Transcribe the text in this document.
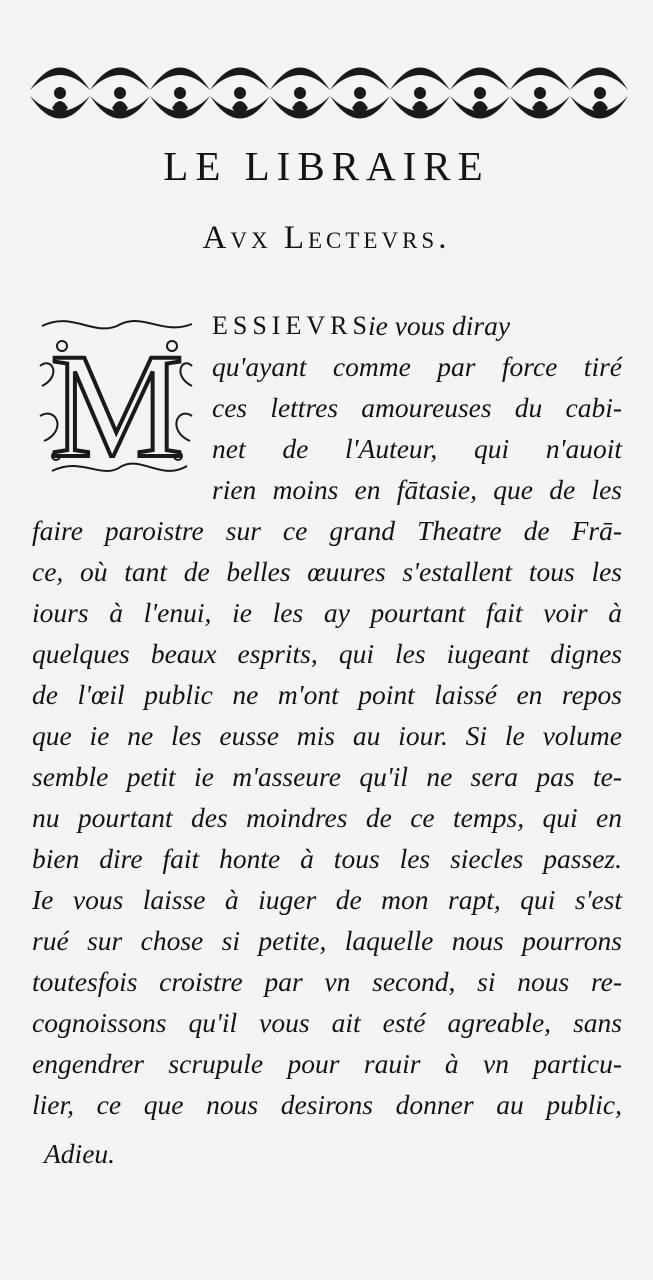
LE LIBRAIRE
Avx Lectevrs.
M ESSIEVRS
ie vous diray
qu'ayant comme par force tiré
ces lettres amoureuses du cabi-
net de l'Auteur, qui n'auoit
rien moins en fātasie, que de les
faire paroistre sur ce grand Theatre de Frā-
ce, où tant de belles œuures s'estallent tous les
iours à l'enui, ie les ay pourtant fait voir à
quelques beaux esprits, qui les iugeant dignes
de l'œil public ne m'ont point laissé en repos
que ie ne les eusse mis au iour. Si le volume
semble petit ie m'asseure qu'il ne sera pas te-
nu pourtant des moindres de ce temps, qui en
bien dire fait honte à tous les siecles passez.
Ie vous laisse à iuger de mon rapt, qui s'est
rué sur chose si petite, laquelle nous pourrons
toutesfois croistre par vn second, si nous re-
cognoissons qu'il vous ait esté agreable, sans
engendrer scrupule pour rauir à vn particu-
lier, ce que nous desirons donner au public,
Adieu.
